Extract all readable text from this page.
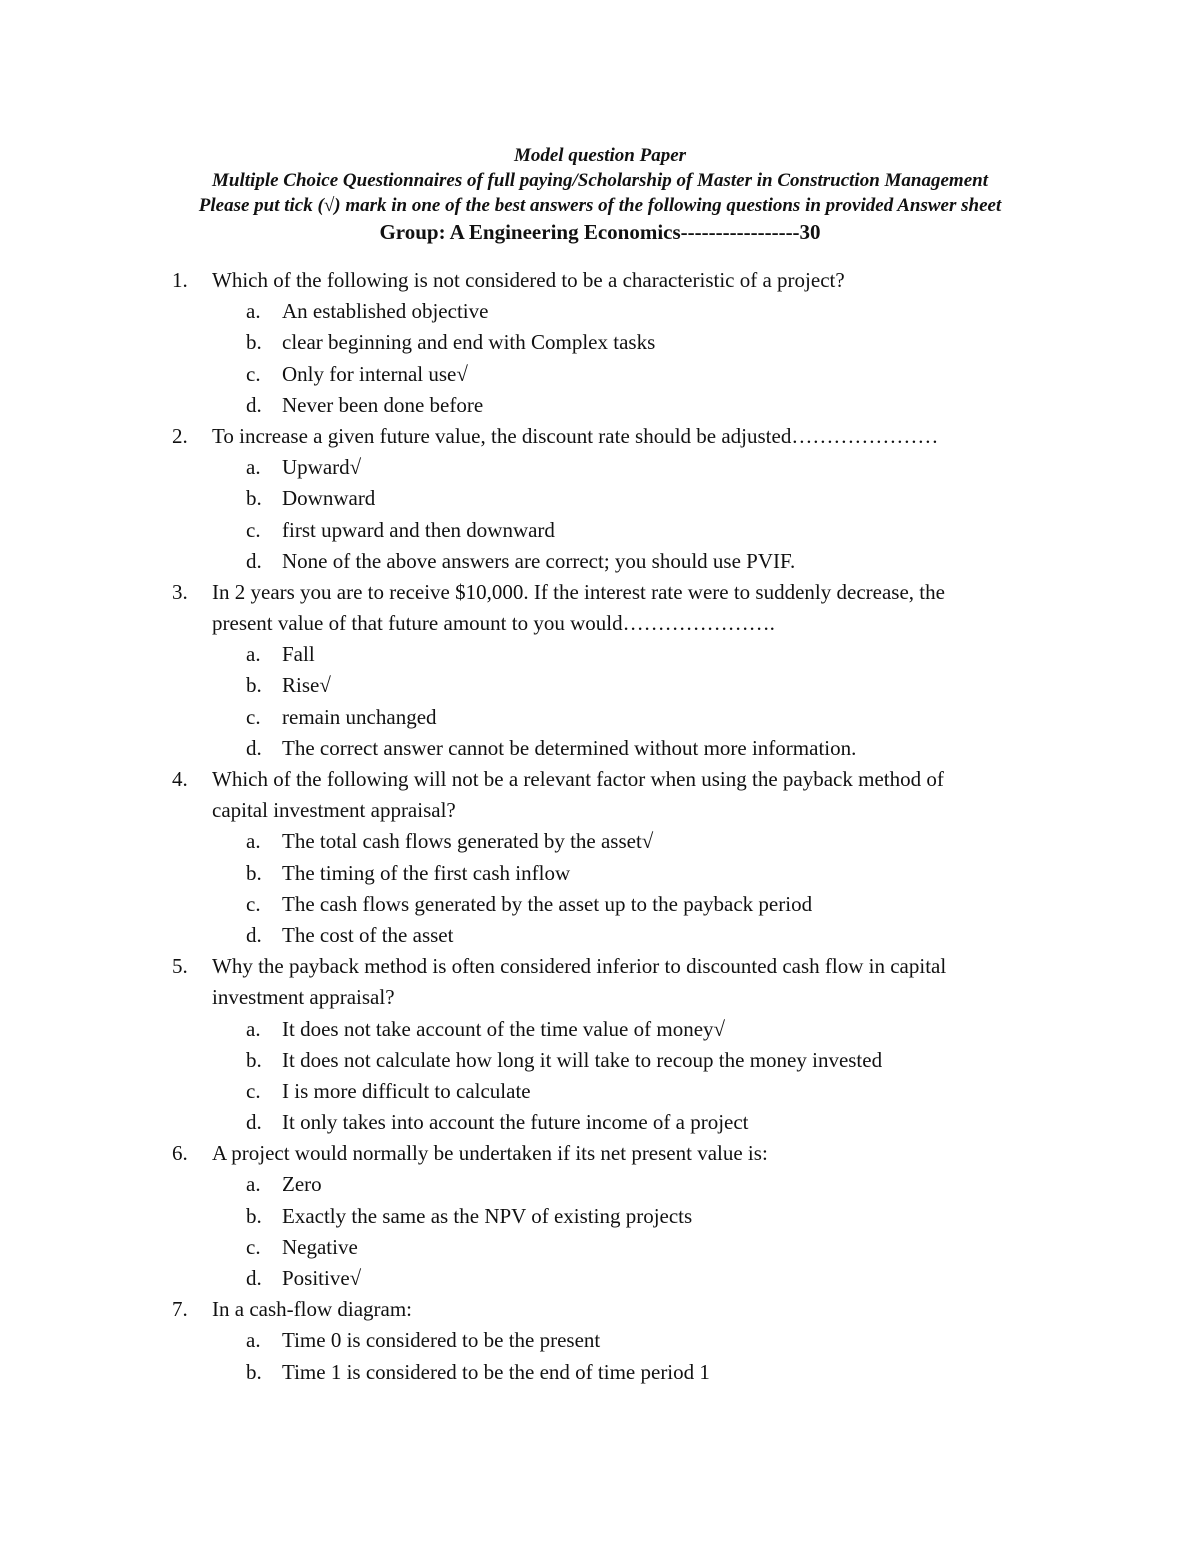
Model question Paper
Multiple Choice Questionnaires of full paying/Scholarship of Master in Construction Management
Please put tick (√) mark in one of the best answers of the following questions in provided Answer sheet
Group: A Engineering Economics-----------------30
1. Which of the following is not considered to be a characteristic of a project?
a. An established objective
b. clear beginning and end with Complex tasks
c. Only for internal use√
d. Never been done before
2. To increase a given future value, the discount rate should be adjusted…………………
a. Upward√
b. Downward
c. first upward and then downward
d. None of the above answers are correct; you should use PVIF.
3. In 2 years you are to receive $10,000. If the interest rate were to suddenly decrease, the
present value of that future amount to you would………………….
a. Fall
b. Rise√
c. remain unchanged
d. The correct answer cannot be determined without more information.
4. Which of the following will not be a relevant factor when using the payback method of
capital investment appraisal?
a. The total cash flows generated by the asset√
b. The timing of the first cash inflow
c. The cash flows generated by the asset up to the payback period
d. The cost of the asset
5. Why the payback method is often considered inferior to discounted cash flow in capital
investment appraisal?
a. It does not take account of the time value of money√
b. It does not calculate how long it will take to recoup the money invested
c. I is more difficult to calculate
d. It only takes into account the future income of a project
6. A project would normally be undertaken if its net present value is:
a. Zero
b. Exactly the same as the NPV of existing projects
c. Negative
d. Positive√
7. In a cash-flow diagram:
a. Time 0 is considered to be the present
b. Time 1 is considered to be the end of time period 1
